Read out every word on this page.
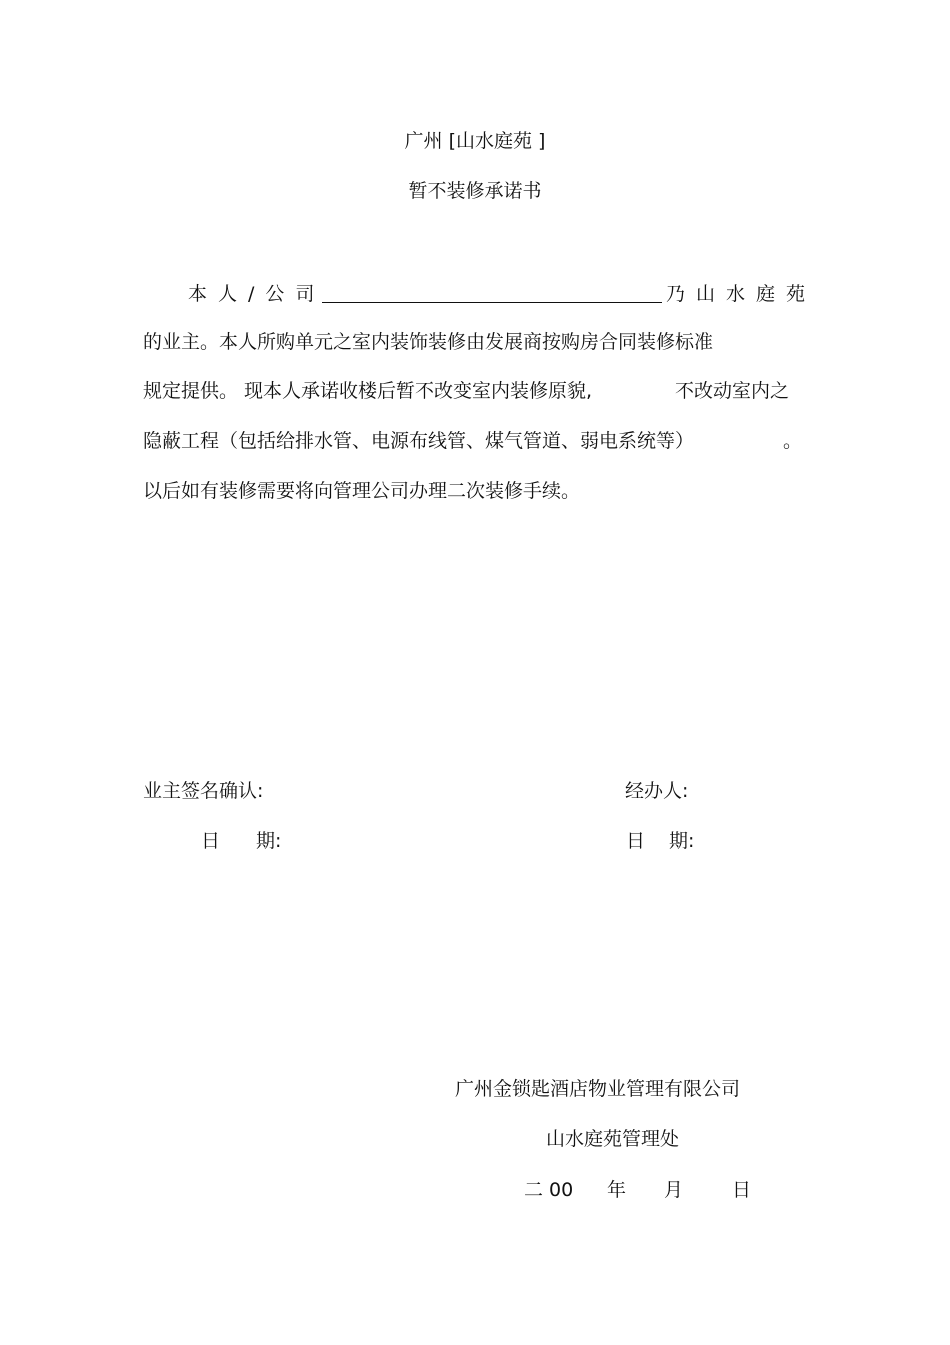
广州 [山水庭苑 ]
暂不装修承诺书
本人/公司	乃山水庭苑
的业主。本人所购单元之室内装饰装修由发展商按购房合同装修标准
规定提供。 现本人承诺收楼后暂不改变室内装修原貌,	不改动室内之
隐蔽工程（包括给排水管、电源布线管、煤气管道、弱电系统等）	。
以后如有装修需要将向管理公司办理二次装修手续。
业主签名确认:
日 期:
经办人:
日 期:
广州金锁匙酒店物业管理有限公司
山水庭苑管理处
二 00 年 月	日
